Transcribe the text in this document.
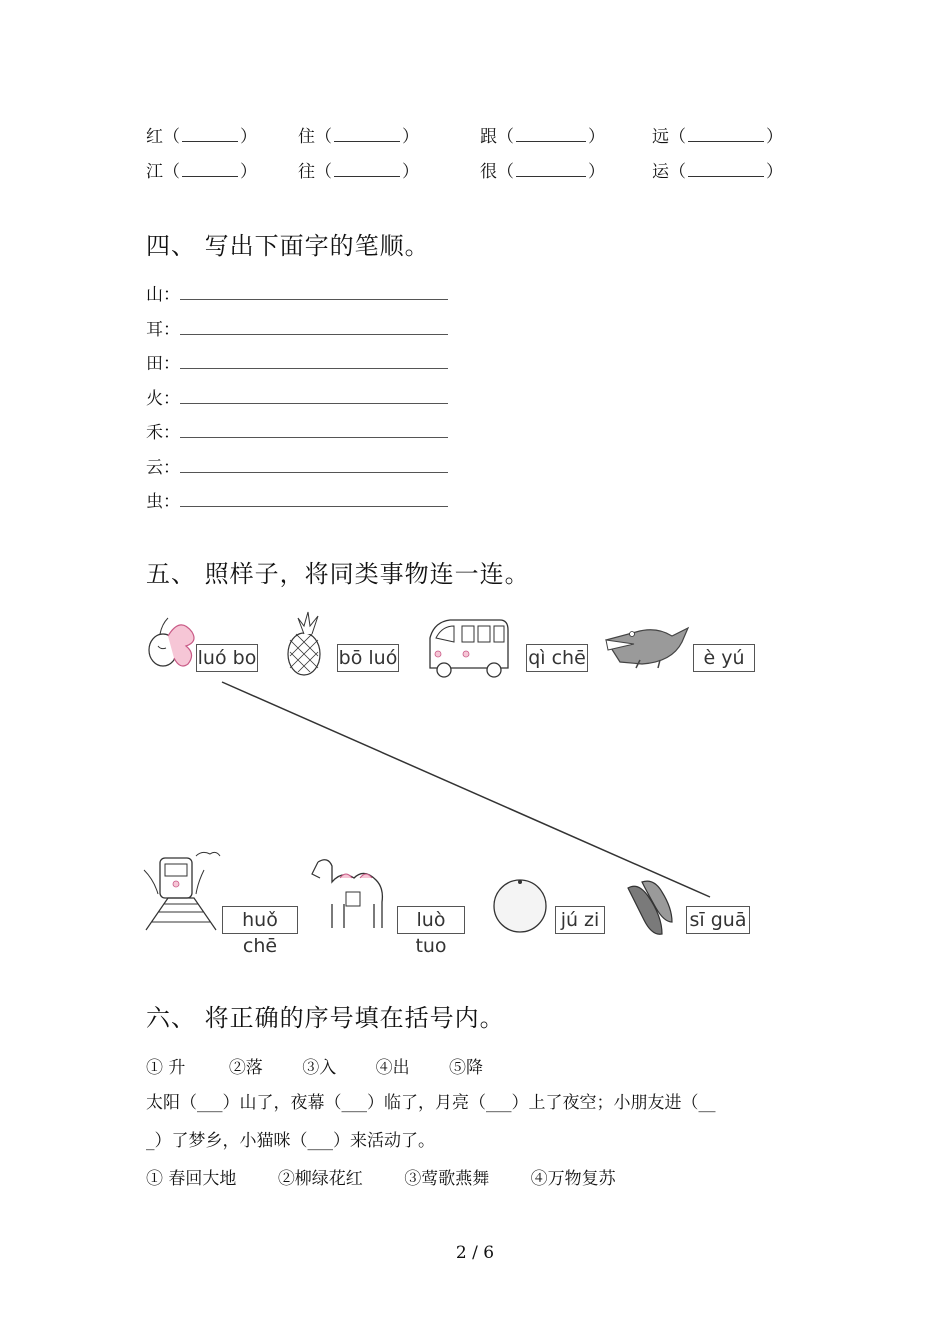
红（	） 住（	）	跟（	）	远（	）
江（	） 往（	）	很（	）	运（	）
四、 写出下面字的笔顺。
山：
耳：
田：
火：
禾：
云：
虫：
五、 照样子，将同类事物连一连。
luó bo	bō luó	qì chē	è yú
huǒ chē
luò tuo
jú zi	sī guā
六、 将正确的序号填在括号内。
① 升	②落 ③入 ④出 ⑤降
太阳（___）山了，夜幕（___）临了，月亮（___）上了夜空；小朋友进（__
_）了梦乡，小猫咪（___）来活动了。
① 春回大地 ②柳绿花红 ③莺歌燕舞 ④万物复苏
2 / 6
